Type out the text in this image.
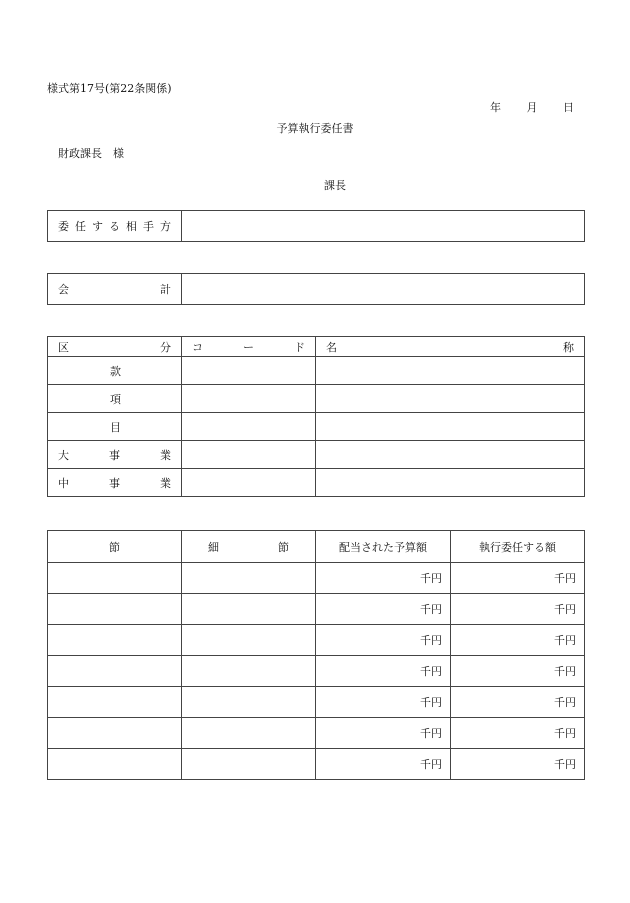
様式第17号(第22条関係)
年 月 日
予算執行委任書
財政課長　様
課長
委 任 す る 相 手 方

会	計

区 分	コ ー ド	名 称

款		

項		

目		

大 事 業		

中 事 業		

節	細 節	配当された予算額	執行委任する額
		千円	千円
		千円	千円
		千円	千円
		千円	千円
		千円	千円
		千円	千円
		千円	千円
